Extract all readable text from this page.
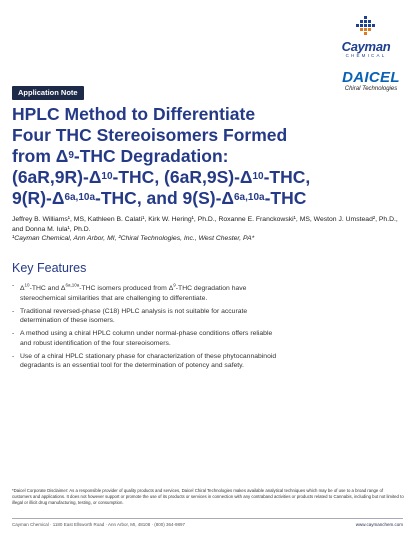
Cayman
CHEMICAL
DAICEL
Chiral Technologies
Application Note
HPLC Method to Differentiate
Four THC Stereoisomers Formed
from $\Delta^9$-THC Degradation:
$(6aR,9R)-\Delta^{10}$-THC, $(6aR,9S)-\Delta^{10}$-THC,
$9(R)-\Delta^{6a,10a}$-THC, and $9(S)-\Delta^{6a,10a}$-THC
Jeffrey B. Williams¹, MS, Kathleen B. Calati¹, Kirk W. Hering¹, Ph.D., Roxanne E. Franckowski¹, MS, Weston J. Umstead², Ph.D., and Donna M. Iula¹, Ph.D.
¹Cayman Chemical, Ann Arbor, MI, ²Chiral Technologies, Inc., West Chester, PA*
Key Features
- $\Delta^{10}$-THC and $\Delta^{6a,10a}$-THC isomers produced from $\Delta^9$-THC degradation have stereochemical similarities that are challenging to differentiate.
- Traditional reversed-phase (C18) HPLC analysis is not suitable for accurate determination of these isomers.
- A method using a chiral HPLC column under normal-phase conditions offers reliable and robust identification of the four stereoisomers.
- Use of a chiral HPLC stationary phase for characterization of these phytocannabinoid degradants is an essential tool for the determination of potency and safety.
*Daicel Corporate Disclaimer: As a responsible provider of quality products and services, Daicel Chiral Technologies makes available analytical techniques which may be of use to a broad range of customers and applications. It does not however support or promote the use of its products or services in connection with any contraband activities or products related to Cannabis, including but not limited to illegal or illicit drug manufacturing, testing, or consumption.
Cayman Chemical · 1180 East Ellsworth Road · Ann Arbor, MI, 48108 · (800) 364-9897	www.caymanchem.com
